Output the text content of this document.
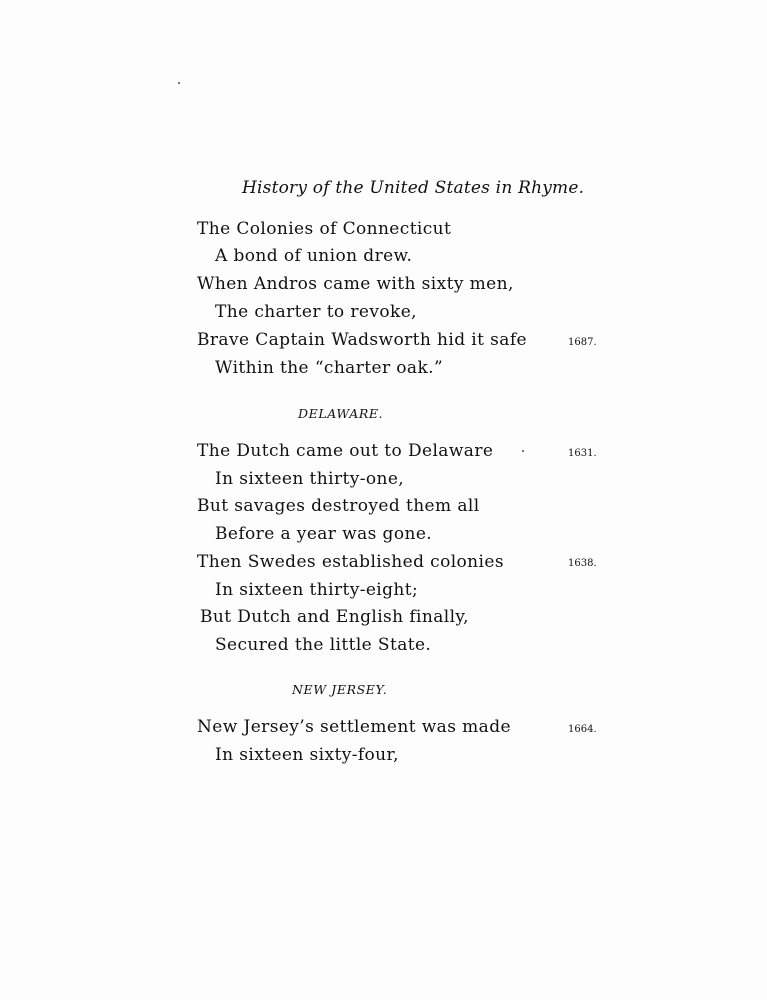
History of the United States in Rhyme.
The Colonies of Connecticut
A bond of union drew.
When Andros came with sixty men,
The charter to revoke,
Brave Captain Wadsworth hid it safe	1687.
Within the “charter oak.”
DELAWARE.
The Dutch came out to Delaware	1631.
In sixteen thirty-one,
But savages destroyed them all
Before a year was gone.
Then Swedes established colonies	1638.
In sixteen thirty-eight;
But Dutch and English finally,
Secured the little State.
NEW JERSEY.
New Jersey’s settlement was made	1664.
In sixteen sixty-four,
